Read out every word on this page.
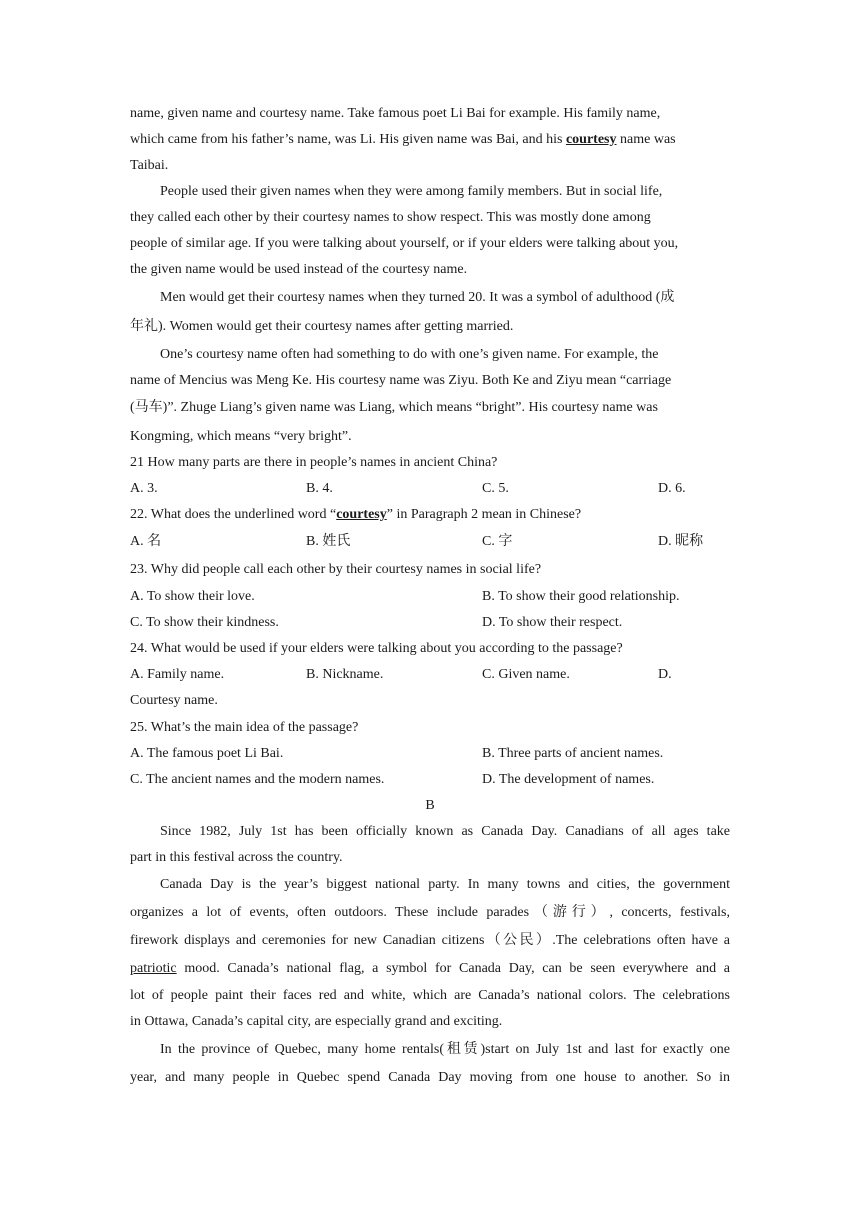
name, given name and courtesy name. Take famous poet Li Bai for example. His family name,
which came from his father’s name, was Li. His given name was Bai, and his courtesy name was
Taibai.
People used their given names when they were among family members. But in social life,
they called each other by their courtesy names to show respect. This was mostly done among
people of similar age. If you were talking about yourself, or if your elders were talking about you,
the given name would be used instead of the courtesy name.
Men would get their courtesy names when they turned 20. It was a symbol of adulthood (成
年礼). Women would get their courtesy names after getting married.
One’s courtesy name often had something to do with one’s given name. For example, the
name of Mencius was Meng Ke. His courtesy name was Ziyu. Both Ke and Ziyu mean “carriage
(马车)”. Zhuge Liang’s given name was Liang, which means “bright”. His courtesy name was
Kongming, which means “very bright”.
21 How many parts are there in people’s names in ancient China?
A. 3.	B. 4.	C. 5.	D. 6.
22. What does the underlined word “courtesy” in Paragraph 2 mean in Chinese?
A. 名	B. 姓氏	C. 字	D. 昵称
23. Why did people call each other by their courtesy names in social life?
A. To show their love.	B. To show their good relationship.
C. To show their kindness.	D. To show their respect.
24. What would be used if your elders were talking about you according to the passage?
A. Family name.	B. Nickname.	C. Given name.	D.
Courtesy name.
25. What’s the main idea of the passage?
A. The famous poet Li Bai.	B. Three parts of ancient names.
C. The ancient names and the modern names.	D. The development of names.
B
Since 1982, July 1st has been officially known as Canada Day. Canadians of all ages take
part in this festival across the country.
Canada Day is the year’s biggest national party. In many towns and cities, the government
organizes a lot of events, often outdoors. These include parades（游行）, concerts, festivals,
firework displays and ceremonies for new Canadian citizens（公民）.The celebrations often have a
patriotic mood. Canada’s national flag, a symbol for Canada Day, can be seen everywhere and a
lot of people paint their faces red and white, which are Canada’s national colors. The celebrations
in Ottawa, Canada’s capital city, are especially grand and exciting.
In the province of Quebec, many home rentals(租赁)start on July 1st and last for exactly one
year, and many people in Quebec spend Canada Day moving from one house to another. So in
